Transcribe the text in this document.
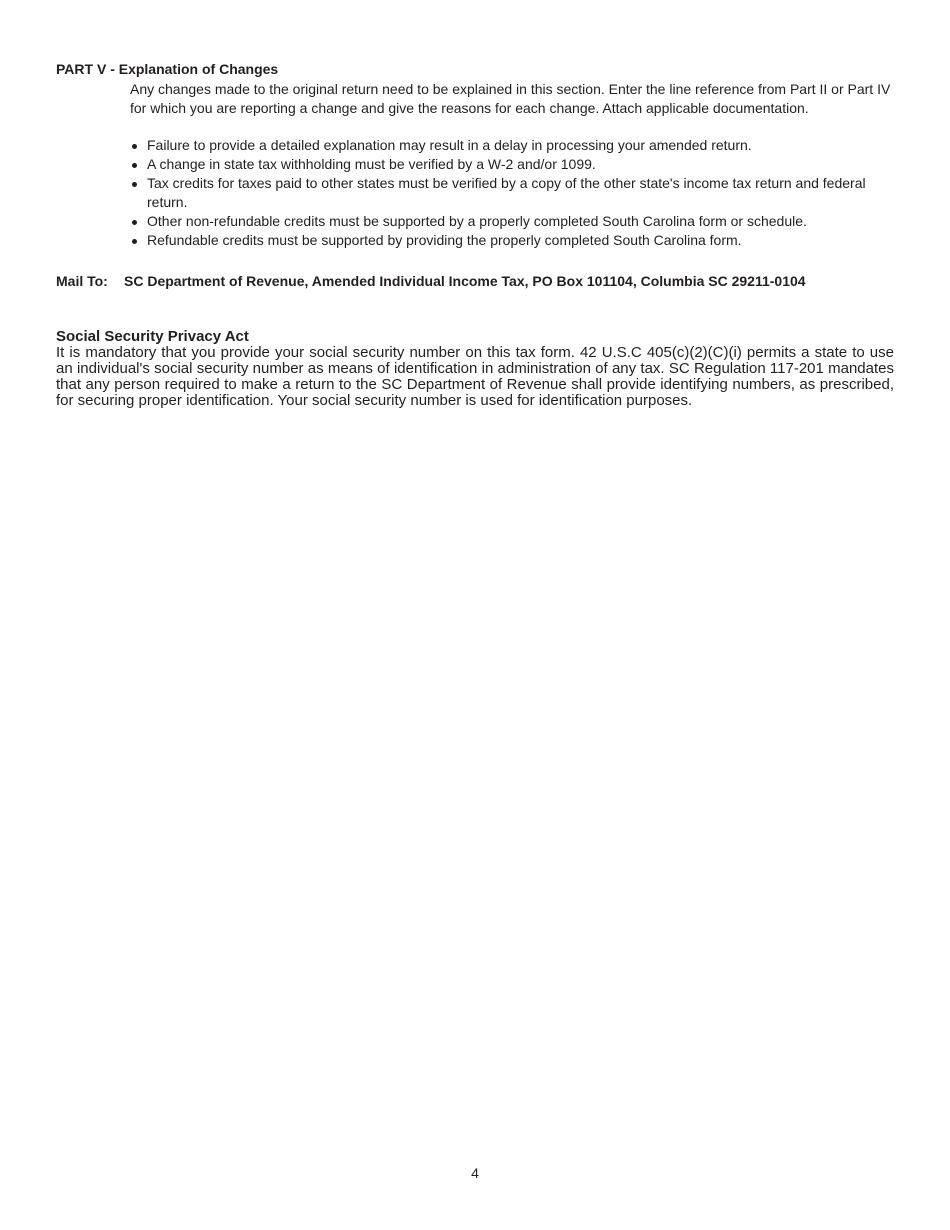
PART V - Explanation of Changes

Any changes made to the original return need to be explained in this section. Enter the line reference from Part II or Part IV for which you are reporting a change and give the reasons for each change. Attach applicable documentation.

Failure to provide a detailed explanation may result in a delay in processing your amended return.
A change in state tax withholding must be verified by a W-2 and/or 1099.
Tax credits for taxes paid to other states must be verified by a copy of the other state's income tax return and federal return.
Other non-refundable credits must be supported by a properly completed South Carolina form or schedule.
Refundable credits must be supported by providing the properly completed South Carolina form.
Mail To:	SC Department of Revenue, Amended Individual Income Tax, PO Box 101104, Columbia SC 29211-0104
Social Security Privacy Act

It is mandatory that you provide your social security number on this tax form. 42 U.S.C 405(c)(2)(C)(i) permits a state to use an individual's social security number as means of identification in administration of any tax. SC Regulation 117-201 mandates that any person required to make a return to the SC Department of Revenue shall provide identifying numbers, as prescribed, for securing proper identification. Your social security number is used for identification purposes.

4
